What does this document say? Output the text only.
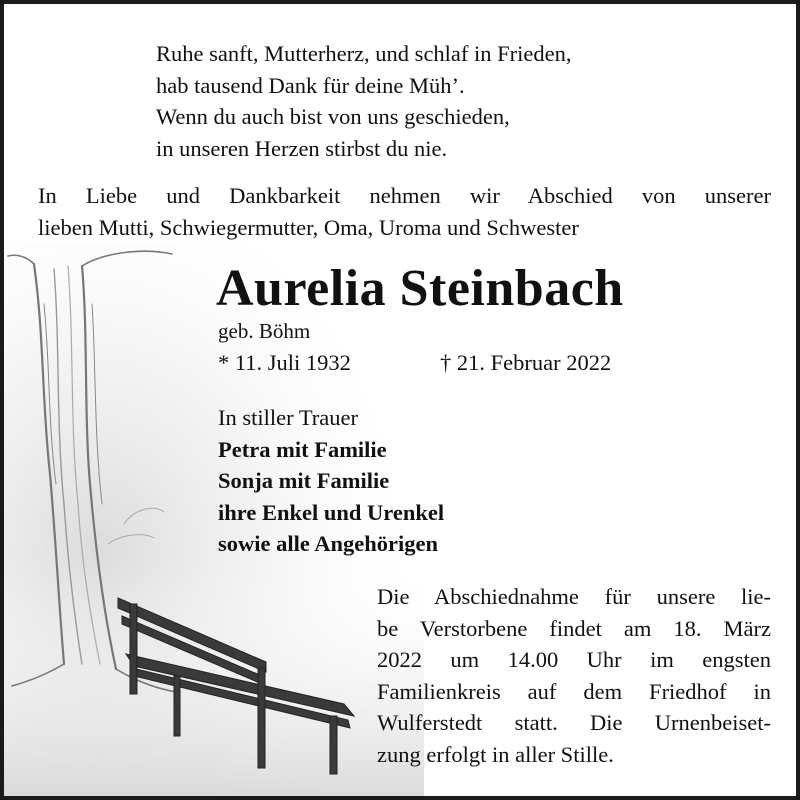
Ruhe sanft, Mutterherz, und schlaf in Frieden,
hab tausend Dank für deine Müh’.
Wenn du auch bist von uns geschieden,
in unseren Herzen stirbst du nie.
In Liebe und Dankbarkeit nehmen wir Abschied von unserer
lieben Mutti, Schwiegermutter, Oma, Uroma und Schwester
Aurelia Steinbach
geb. Böhm
* 11. Juli 1932	† 21. Februar 2022
In stiller Trauer
Petra mit Familie
Sonja mit Familie
ihre Enkel und Urenkel
sowie alle Angehörigen
Die Abschiednahme für unsere lie-
be Verstorbene findet am 18. März
2022 um 14.00 Uhr im engsten
Familienkreis auf dem Friedhof in
Wulferstedt statt. Die Urnenbeiset-
zung erfolgt in aller Stille.
